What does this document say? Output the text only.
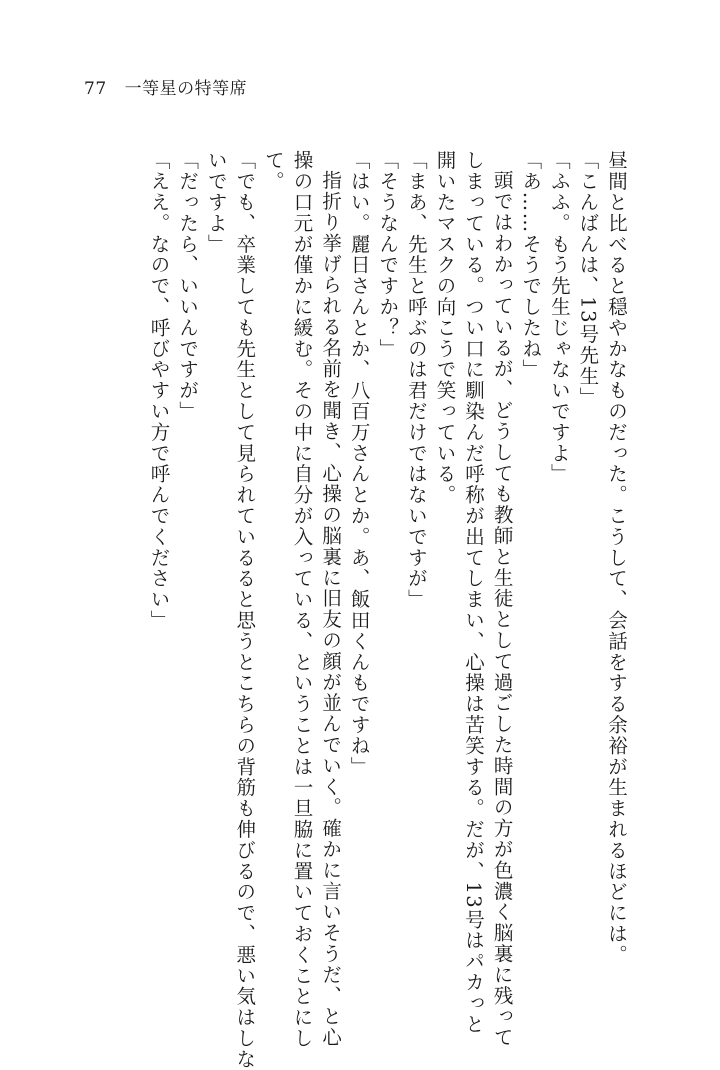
77 一等星の特等席
昼間と比べると穏やかなものだった。こうして、会話をする余裕が生まれるほどには。
「こんばんは、13号先生」
「ふふ。もう先生じゃないですよ」
「あ……そうでしたね」
頭ではわかっているが、どうしても教師と生徒として過ごした時間の方が色濃く脳裏に残って
しまっている。つい口に馴染んだ呼称が出てしまい、心操は苦笑する。だが、13号はパカっと
開いたマスクの向こうで笑っている。
「まあ、先生と呼ぶのは君だけではないですが」
「そうなんですか？」
「はい。麗日さんとか、八百万さんとか。あ、飯田くんもですね」
指折り挙げられる名前を聞き、心操の脳裏に旧友の顔が並んでいく。確かに言いそうだ、と心
操の口元が僅かに緩む。その中に自分が入っている、ということは一旦脇に置いておくことにし
て。
「でも、卒業しても先生として見られているると思うとこちらの背筋も伸びるので、悪い気はしな
いですよ」
「だったら、いいんですが」
「ええ。なので、呼びやすい方で呼んでください」
